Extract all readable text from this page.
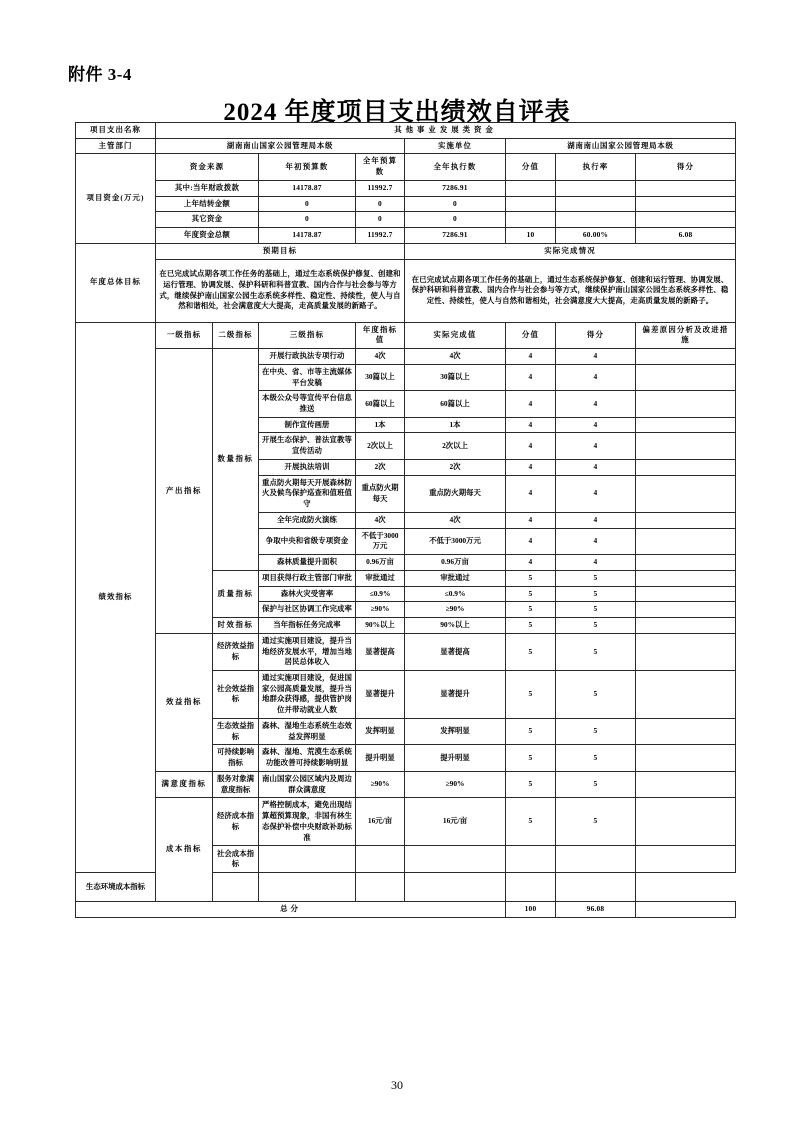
附件 3-4
2024 年度项目支出绩效自评表
项目支出名称	其他事业发展类资金							
主管部门	湖南南山国家公园管理局本级				实施单位	湖南南山国家公园管理局本级		
项目资金(万元)	资金来源		年初预算数	全年预算数	全年执行数	分值	执行率	得分
	其中:当年财政拨款		14178.87	11992.7	7286.91			
	上年结转金额		0	0	0			
	其它资金		0	0	0			
	年度资金总额		14178.87	11992.7	7286.91	10	60.00%	6.08
年度总体目标	预期目标				实际完成情况			
	在已完成试点期各项工作任务的基础上，通过生态系统保护修复、创建和运行管理、协调发展、保护科研和科普宣教、国内合作与社会参与等方式，继续保护南山国家公园生态系统多样性、稳定性、持续性，使人与自然和谐相处，社会满意度大大提高，走高质量发展的新路子。				在已完成试点期各项工作任务的基础上，通过生态系统保护修复、创建和运行管理、协调发展、保护科研和科普宣教、国内合作与社会参与等方式，继续保护南山国家公园生态系统多样性、稳定性、持续性，使人与自然和谐相处，社会满意度大大提高，走高质量发展的新路子。			
绩效指标	一级指标	二级指标	三级指标	年度指标值	实际完成值	分值	得分	偏差原因分析及改进措施
	产出指标	数量指标	开展行政执法专项行动	4次	4次	4	4	
			在中央、省、市等主流媒体平台发稿	30篇以上	30篇以上	4	4	
			本级公众号等宣传平台信息推送	60篇以上	60篇以上	4	4	
			制作宣传画册	1本	1本	4	4	
			开展生态保护、普法宣教等宣传活动	2次以上	2次以上	4	4	
			开展执法培训	2次	2次	4	4	
			重点防火期每天开展森林防火及候鸟保护巡查和值班值守	重点防火期每天	重点防火期每天	4	4	
			全年完成防火演练	4次	4次	4	4	
			争取中央和省级专项资金	不低于3000万元	不低于3000万元	4	4	
			森林质量提升面积	0.96万亩	0.96万亩	4	4	
		质量指标	项目获得行政主管部门审批	审批通过	审批通过	5	5	
			森林火灾受害率	≤0.9%	≤0.9%	5	5	
			保护与社区协调工作完成率	≥90%	≥90%	5	5	
		时效指标	当年指标任务完成率	90%以上	90%以上	5	5	
	效益指标	经济效益指标	通过实施项目建设，提升当地经济发展水平，增加当地居民总体收入	显著提高	显著提高	5	5	
		社会效益指标	通过实施项目建设，促进国家公园高质量发展，提升当地群众获得感，提供管护岗位并带动就业人数	显著提升	显著提升	5	5	
		生态效益指标	森林、湿地生态系统生态效益发挥明显	发挥明显	发挥明显	5	5	
		可持续影响指标	森林、湿地、荒漠生态系统功能改善可持续影响明显	提升明显	提升明显	5	5	
	满意度指标	服务对象满意度指标	南山国家公园区域内及周边群众满意度	≥90%	≥90%	5	5	
	成本指标	经济成本指标	严格控制成本，避免出现结算超预算现象，非国有林生态保护补偿中央财政补助标准	16元/亩	16元/亩	5	5	
		社会成本指标						
生态环境成本指标								
总分						100	96.08	
30
